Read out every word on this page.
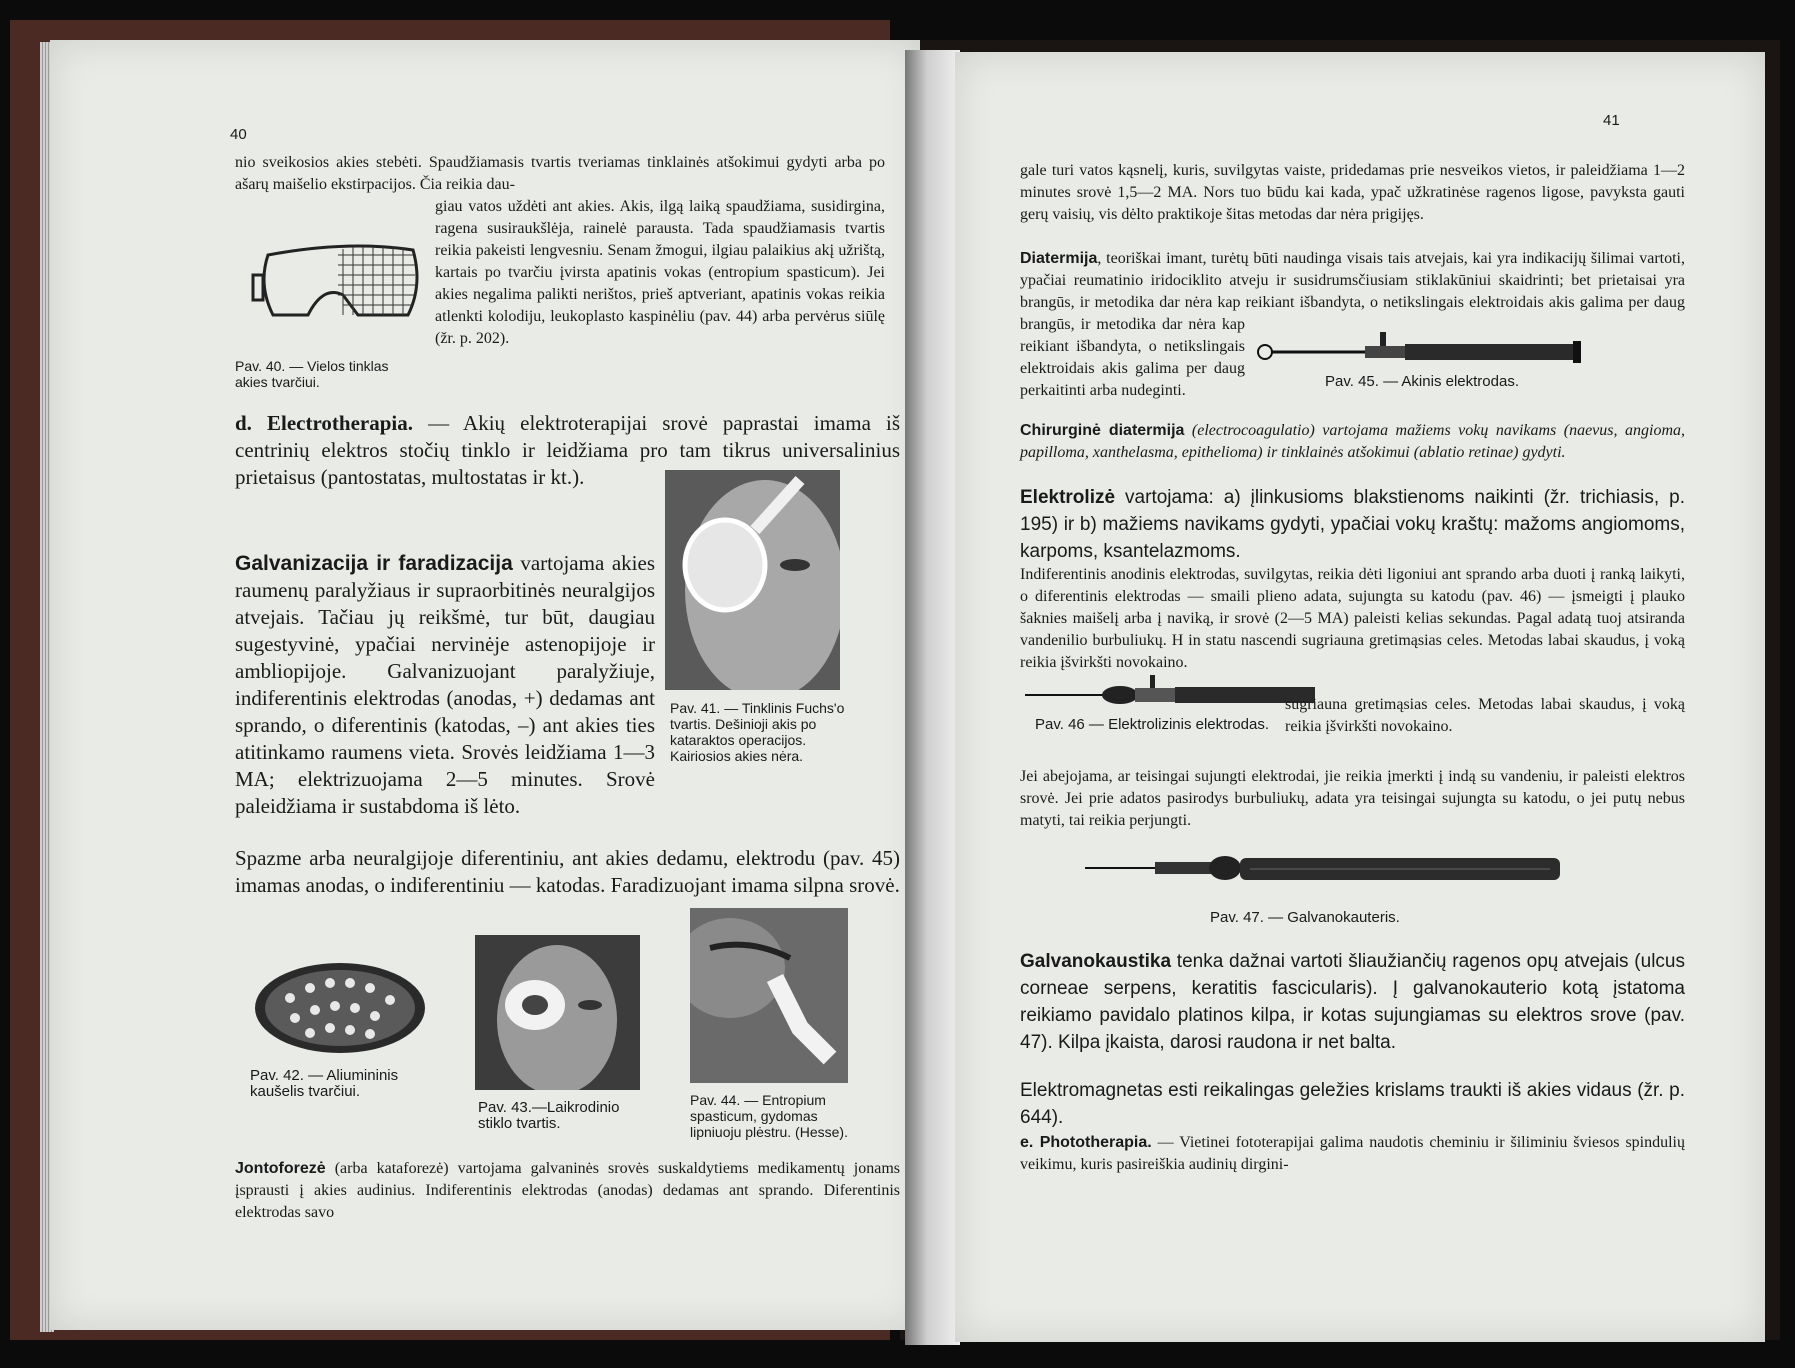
40

nio sveikosios akies stebėti. Spaudžiamasis tvartis tveriamas tinklainės atšokimui gydyti arba po ašarų maišelio ekstirpacijos. Čia reikia dau-

giau vatos uždėti ant akies. Akis, ilgą laiką spaudžiama, susidirgina, ragena susiraukšlėja, rainelė parausta. Tada spaudžiamasis tvartis reikia pakeisti lengvesniu. Senam žmogui, ilgiau palaikius akį užrištą, kartais po tvarčiu įvirsta apatinis vokas (entropium spasticum). Jei akies negalima palikti nerištos, prieš aptveriant, apatinis vokas reikia atlenkti kolodiju, leukoplasto kaspinėliu (pav. 44) arba pervėrus siūlę (žr. p. 202).

Pav. 40. — Vielos tinklas akies tvarčiui.

d. Electrotherapia. — Akių elektroterapijai srovė paprastai imama iš centrinių elektros stočių tinklo ir leidžiama pro tam tikrus universalinius prietaisus (pantostatas, multostatas ir kt.).

Galvanizacija ir faradizacija vartojama akies raumenų paralyžiaus ir supraorbitinės neuralgijos atvejais. Tačiau jų reikšmė, tur būt, daugiau sugestyvinė, ypačiai nervinėje astenopijoje ir ambliopijoje. Galvanizuojant paralyžiuje, indiferentinis elektrodas (anodas, +) dedamas ant sprando, o diferentinis (katodas, –) ant akies ties atitinkamo raumens vieta. Srovės leidžiama 1—3 MA; elektrizuojama 2—5 minutes. Srovė paleidžiama ir sustabdoma iš lėto.

Pav. 41. — Tinklinis Fuchs'o tvartis. Dešinioji akis po kataraktos operacijos. Kairiosios akies nėra.

Spazme arba neuralgijoje diferentiniu, ant akies dedamu, elektrodu (pav. 45) imamas anodas, o indiferentiniu — katodas. Faradizuojant imama silpna srovė.

Pav. 42. — Aliumininis kaušelis tvarčiui.
Pav. 43.—Laikrodinio stiklo tvartis.
Pav. 44. — Entropium spasticum, gydomas lipniuoju plėstru. (Hesse).

Jontoforezė (arba kataforezė) vartojama galvaninės srovės suskaldytiems medikamentų jonams įsprausti į akies audinius. Indiferentinis elektrodas (anodas) dedamas ant sprando. Diferentinis elektrodas savo

41

gale turi vatos kąsnelį, kuris, suvilgytas vaiste, pridedamas prie nesveikos vietos, ir paleidžiama 1—2 minutes srovė 1,5—2 MA. Nors tuo būdu kai kada, ypač užkratinėse ragenos ligose, pavyksta gauti gerų vaisių, vis dėlto praktikoje šitas metodas dar nėra prigijęs.

Diatermija, teoriškai imant, turėtų būti naudinga visais tais atvejais, kai yra indikacijų šilimai vartoti, ypačiai reumatinio iridociklito atveju ir susidrumsčiusiam stiklakūniui skaidrinti; bet prietaisai yra brangūs, ir metodika dar nėra kap reikiant išbandyta, o netikslingais elektroidais akis galima per daug

brangūs, ir metodika dar nėra kap reikiant išbandyta, o netikslingais elektroidais akis galima per daug perkaitinti arba nudeginti.

Pav. 45. — Akinis elektrodas.

Chirurginė diatermija (electrocoagulatio) vartojama mažiems vokų navikams (naevus, angioma, papilloma, xanthelasma, epithelioma) ir tinklainės atšokimui (ablatio retinae) gydyti.

Elektrolizė vartojama: a) įlinkusioms blakstienoms naikinti (žr. trichiasis, p. 195) ir b) mažiems navikams gydyti, ypačiai vokų kraštų: mažoms angiomoms, karpoms, ksantelazmoms.

Indiferentinis anodinis elektrodas, suvilgytas, reikia dėti ligoniui ant sprando arba duoti į ranką laikyti, o diferentinis elektrodas — smaili plieno adata, sujungta su katodu (pav. 46) — įsmeigti į plauko šaknies maišelį arba į naviką, ir srovė (2—5 MA) paleisti kelias sekundas. Pagal adatą tuoj atsiranda vandenilio burbuliukų. H in statu nascendi sugriauna gretimąsias celes. Metodas labai skaudus, į voką reikia įšvirkšti novokaino.

sugriauna gretimąsias celes. Metodas labai skaudus, į voką reikia įšvirkšti novokaino.

Pav. 46 — Elektrolizinis elektrodas.

Jei abejojama, ar teisingai sujungti elektrodai, jie reikia įmerkti į indą su vandeniu, ir paleisti elektros srovė. Jei prie adatos pasirodys burbuliukų, adata yra teisingai sujungta su katodu, o jei putų nebus matyti, tai reikia perjungti.

Pav. 47. — Galvanokauteris.

Galvanokaustika tenka dažnai vartoti šliaužiančių ragenos opų atvejais (ulcus corneae serpens, keratitis fascicularis). Į galvanokauterio kotą įstatoma reikiamo pavidalo platinos kilpa, ir kotas sujungiamas su elektros srove (pav. 47). Kilpa įkaista, darosi raudona ir net balta.

Elektromagnetas esti reikalingas geležies krislams traukti iš akies vidaus (žr. p. 644).

e. Phototherapia. — Vietinei fototerapijai galima naudotis cheminiu ir šiliminiu šviesos spindulių veikimu, kuris pasireiškia audinių dirgini-
